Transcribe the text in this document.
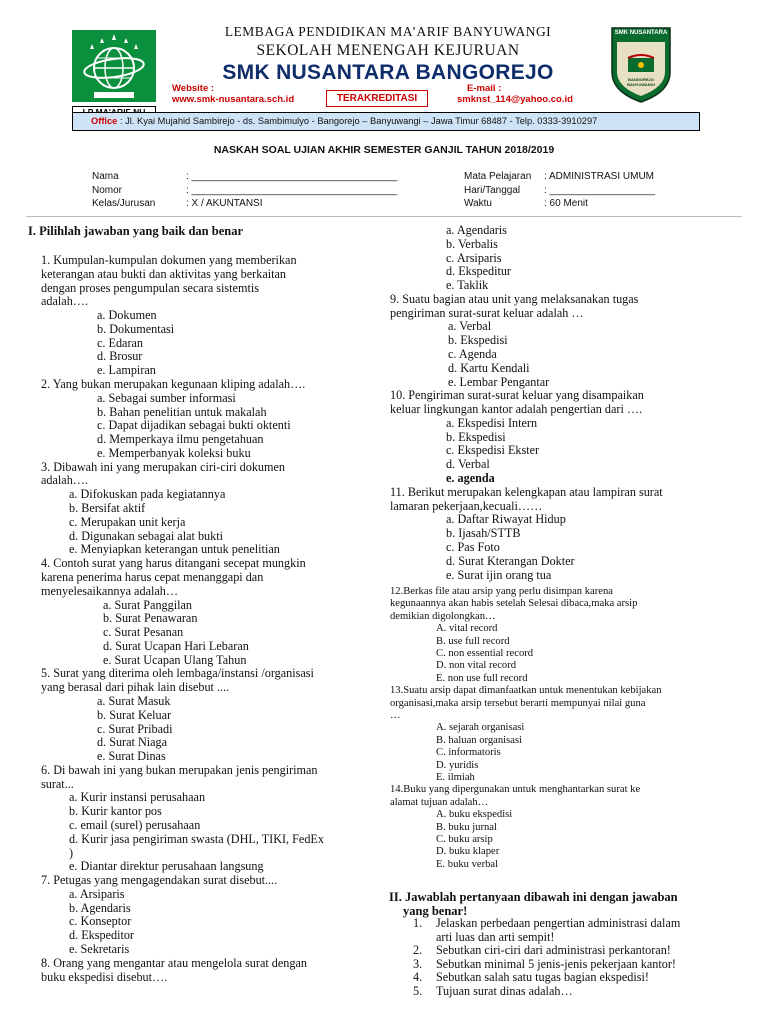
LEMBAGA PENDIDIKAN MA’ARIF BANYUWANGI
SEKOLAH MENENGAH KEJURUAN
SMK NUSANTARA BANGOREJO
Website :
www.smk-nusantara.sch.id	TERAKREDITASI
E-mail :
smknst_114@yahoo.co.id
SMK NUSANTARA
BANGOREJO BANYUWANGI
Office : Jl. Kyai Mujahid Sambirejo - ds. Sambimulyo - Bangorejo – Banyuwangi – Jawa Timur 68487 - Telp. 0333-3910297
NASKAH SOAL UJIAN AKHIR SEMESTER GANJIL TAHUN 2018/2019
Nama	: _____________________________________
Nomor	: _____________________________________
Kelas/Jurusan	: X / AKUNTANSI
Mata Pelajaran : ADMINISTRASI UMUM
Hari/Tanggal : ___________________
Waktu	: 60 Menit
I. Pilihlah jawaban yang baik dan benar
1. Kumpulan-kumpulan dokumen yang memberikan
keterangan atau bukti dan aktivitas yang berkaitan
dengan proses pengumpulan secara sistemtis
adalah….
a. Dokumen
b. Dokumentasi
c. Edaran
d. Brosur
e. Lampiran
2. Yang bukan merupakan kegunaan kliping adalah….
a. Sebagai sumber informasi
b. Bahan penelitian untuk makalah
c. Dapat dijadikan sebagai bukti oktenti
d. Memperkaya ilmu pengetahuan
e. Memperbanyak koleksi buku
3. Dibawah ini yang merupakan ciri-ciri dokumen
adalah….
a. Difokuskan pada kegiatannya
b. Bersifat aktif
c. Merupakan unit kerja
d. Digunakan sebagai alat bukti
e. Menyiapkan keterangan untuk penelitian
4. Contoh surat yang harus ditangani secepat mungkin
karena penerima harus cepat menanggapi dan
menyelesaikannya adalah…
a. Surat Panggilan
b. Surat Penawaran
c. Surat Pesanan
d. Surat Ucapan Hari Lebaran
e. Surat Ucapan Ulang Tahun
5. Surat yang diterima oleh lembaga/instansi /organisasi
yang berasal dari pihak lain disebut ....
a. Surat Masuk
b. Surat Keluar
c. Surat Pribadi
d. Surat Niaga
e. Surat Dinas
6. Di bawah ini yang bukan merupakan jenis pengiriman
surat...
a. Kurir instansi perusahaan
b. Kurir kantor pos
c. email (surel) perusahaan
d. Kurir jasa pengiriman swasta (DHL, TIKI, FedEx
)
e. Diantar direktur perusahaan langsung
7. Petugas yang mengagendakan surat disebut....
a. Arsiparis
b. Agendaris
c. Konseptor
d. Ekspeditor
e. Sekretaris
8. Orang yang mengantar atau mengelola surat dengan
buku ekspedisi disebut….
a. Agendaris
b. Verbalis
c. Arsiparis
d. Ekspeditur
e. Taklik
9. Suatu bagian atau unit yang melaksanakan tugas
pengiriman surat-surat keluar adalah …
a. Verbal
b. Ekspedisi
c. Agenda
d. Kartu Kendali
e. Lembar Pengantar
10. Pengiriman surat-surat keluar yang disampaikan
keluar lingkungan kantor adalah pengertian dari ….
a. Ekspedisi Intern
b. Ekspedisi
c. Ekspedisi Ekster
d. Verbal
e. agenda
11. Berikut merupakan kelengkapan atau lampiran surat
lamaran pekerjaan,kecuali……
a. Daftar Riwayat Hidup
b. Ijasah/STTB
c. Pas Foto
d. Surat Kterangan Dokter
e. Surat ijin orang tua
12.Berkas file atau arsip yang perlu disimpan karena
kegunaannya akan habis setelah Selesai dibaca,maka arsip
demikian digolongkan…
A. vital record
B. use full record
C. non essential record
D. non vital record
E. non use full record
13.Suatu arsip dapat dimanfaatkan untuk menentukan kebijakan
organisasi,maka arsip tersebut berarti mempunyai nilai guna
…
A. sejarah organisasi
B. haluan organisasi
C. informatoris
D. yuridis
E. ilmiah
14.Buku yang dipergunakan untuk menghantarkan surat ke
alamat tujuan adalah…
A. buku ekspedisi
B. buku jurnal
C. buku arsip
D. buku klaper
E. buku verbal
II. Jawablah pertanyaan dibawah ini dengan jawaban
yang benar!
1. Jelaskan perbedaan pengertian administrasi dalam
arti luas dan arti sempit!
2. Sebutkan ciri-ciri dari administrasi perkantoran!
3. Sebutkan minimal 5 jenis-jenis pekerjaan kantor!
4. Sebutkan salah satu tugas bagian ekspedisi!
5. Tujuan surat dinas adalah…
